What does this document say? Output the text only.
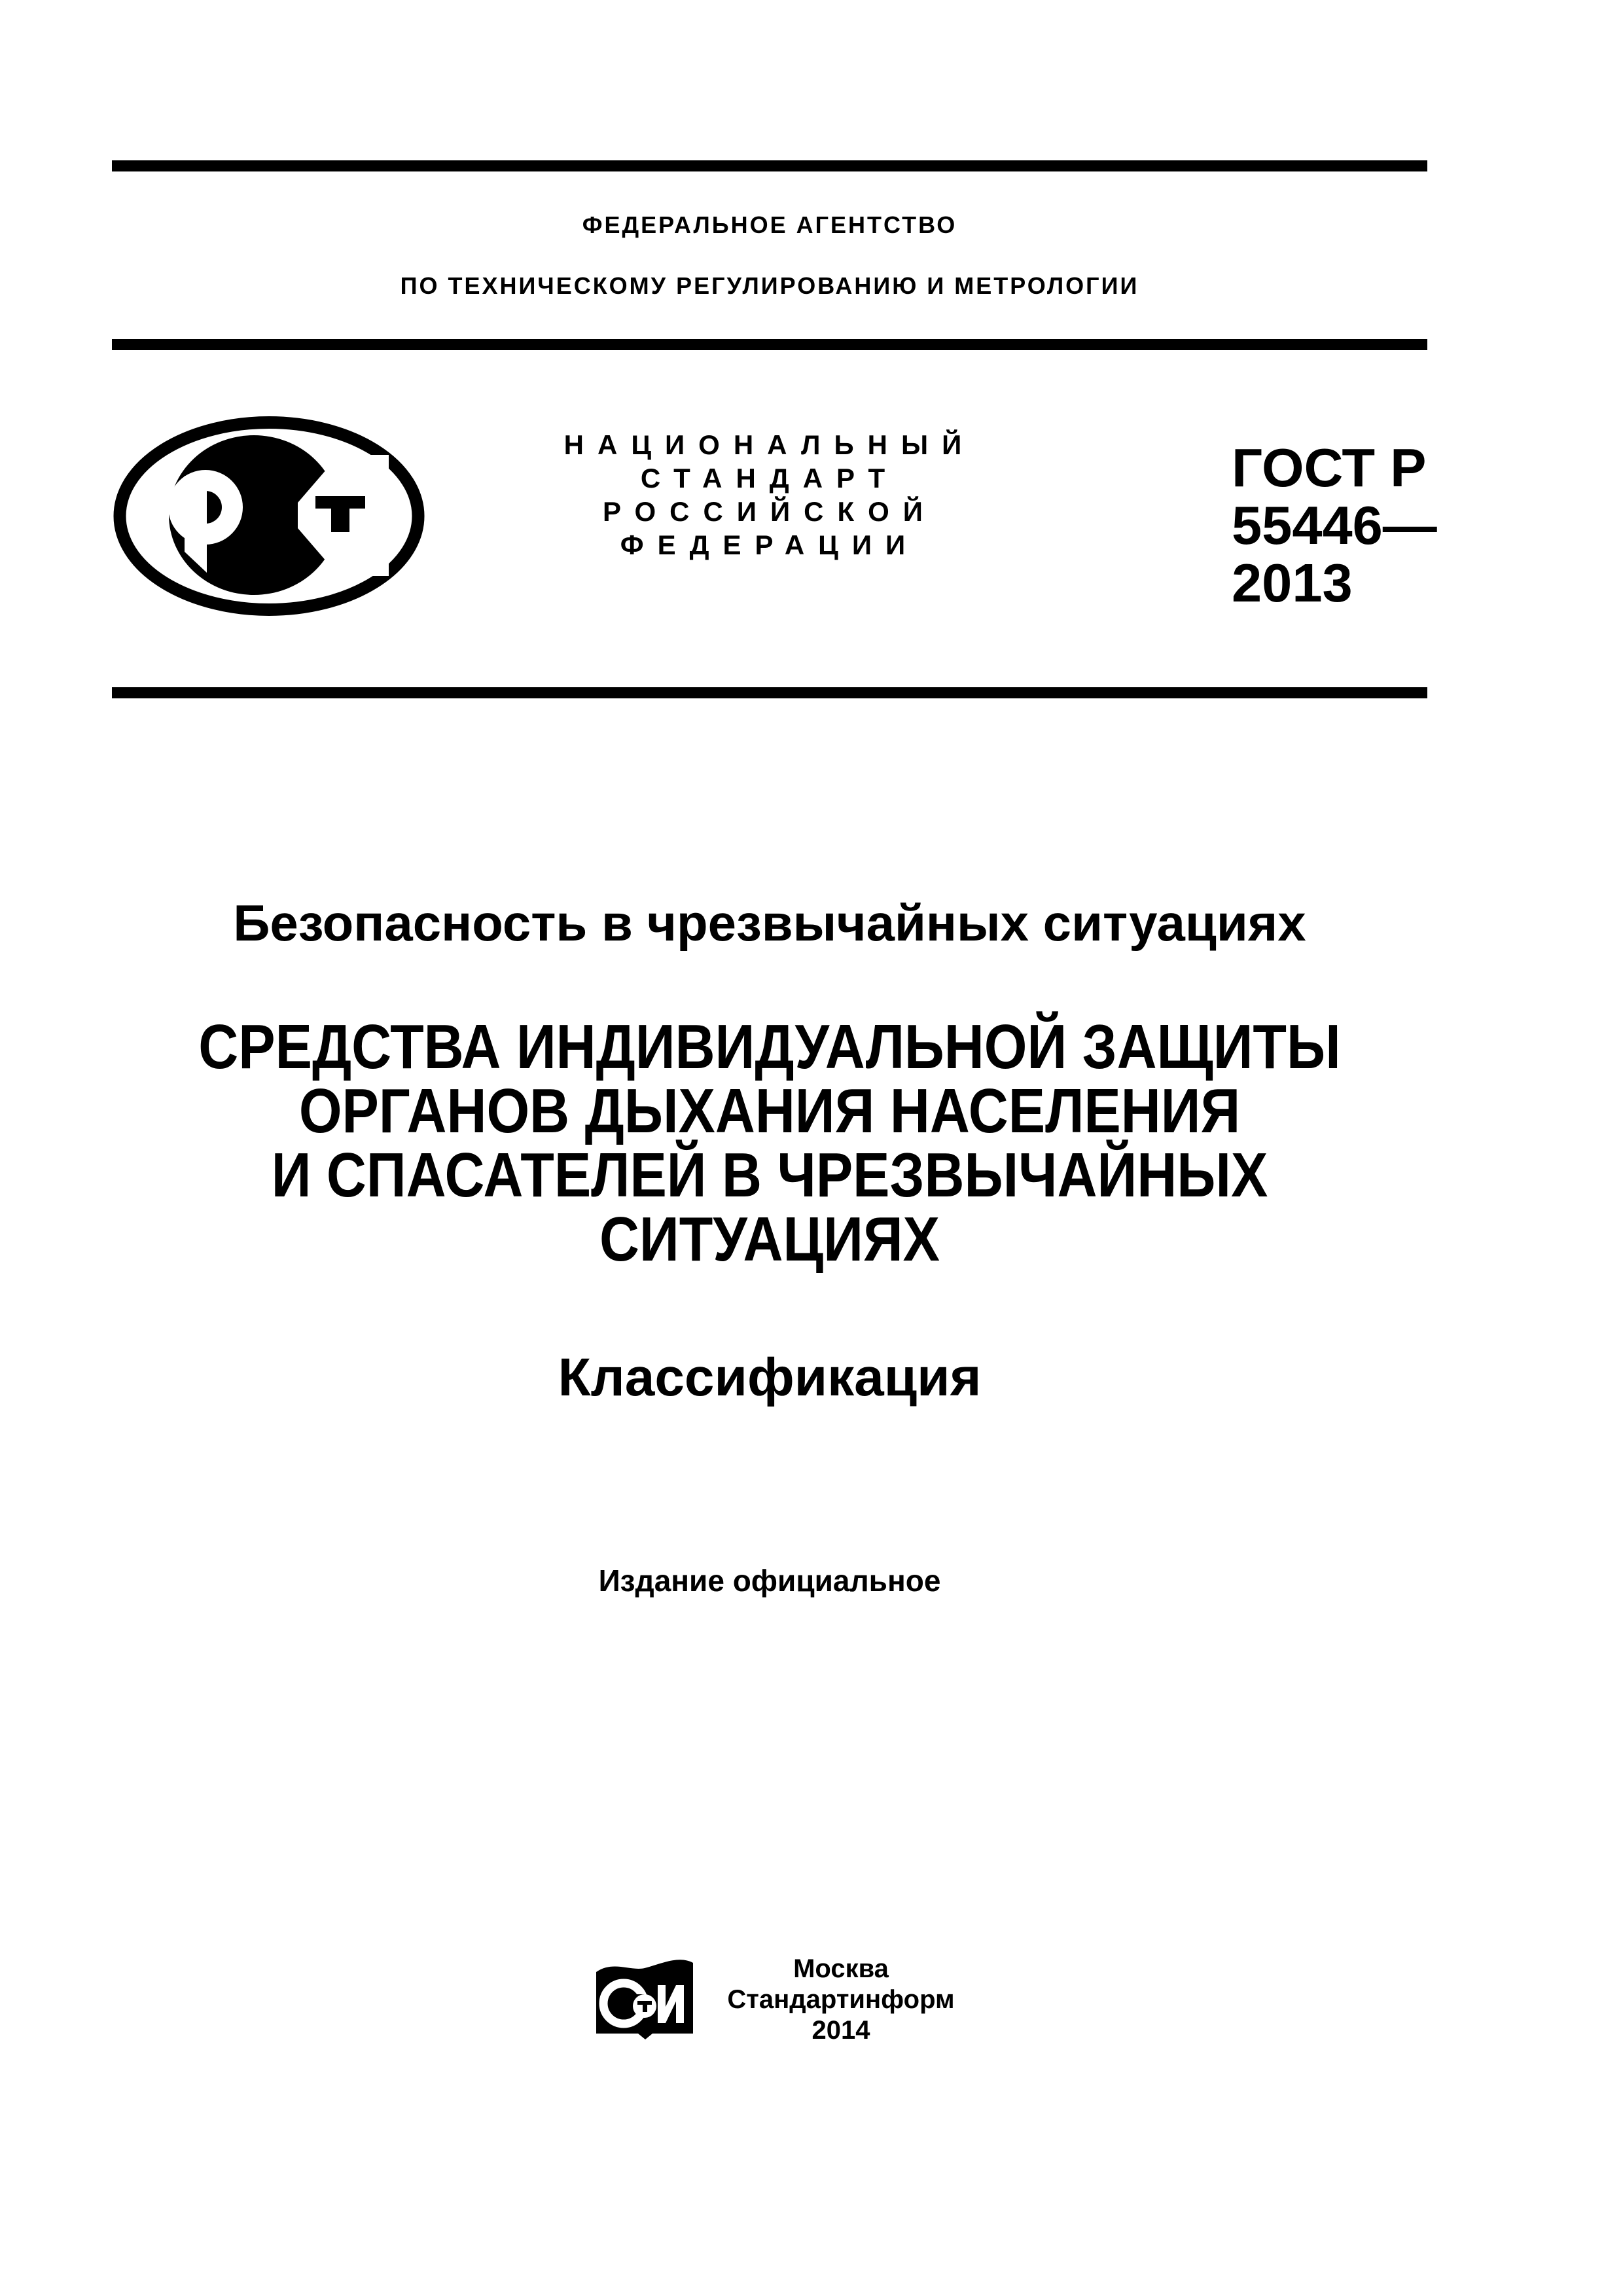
ФЕДЕРАЛЬНОЕ АГЕНТСТВО
ПО ТЕХНИЧЕСКОМУ РЕГУЛИРОВАНИЮ И МЕТРОЛОГИИ
НАЦИОНАЛЬНЫЙ
СТАНДАРТ
РОССИЙСКОЙ
ФЕДЕРАЦИИ
ГОСТ Р
55446—
2013
Безопасность в чрезвычайных ситуациях
СРЕДСТВА ИНДИВИДУАЛЬНОЙ ЗАЩИТЫ
ОРГАНОВ ДЫХАНИЯ НАСЕЛЕНИЯ
И СПАСАТЕЛЕЙ В ЧРЕЗВЫЧАЙНЫХ
СИТУАЦИЯХ
Классификация
Издание официальное
Москва
Стандартинформ
2014
